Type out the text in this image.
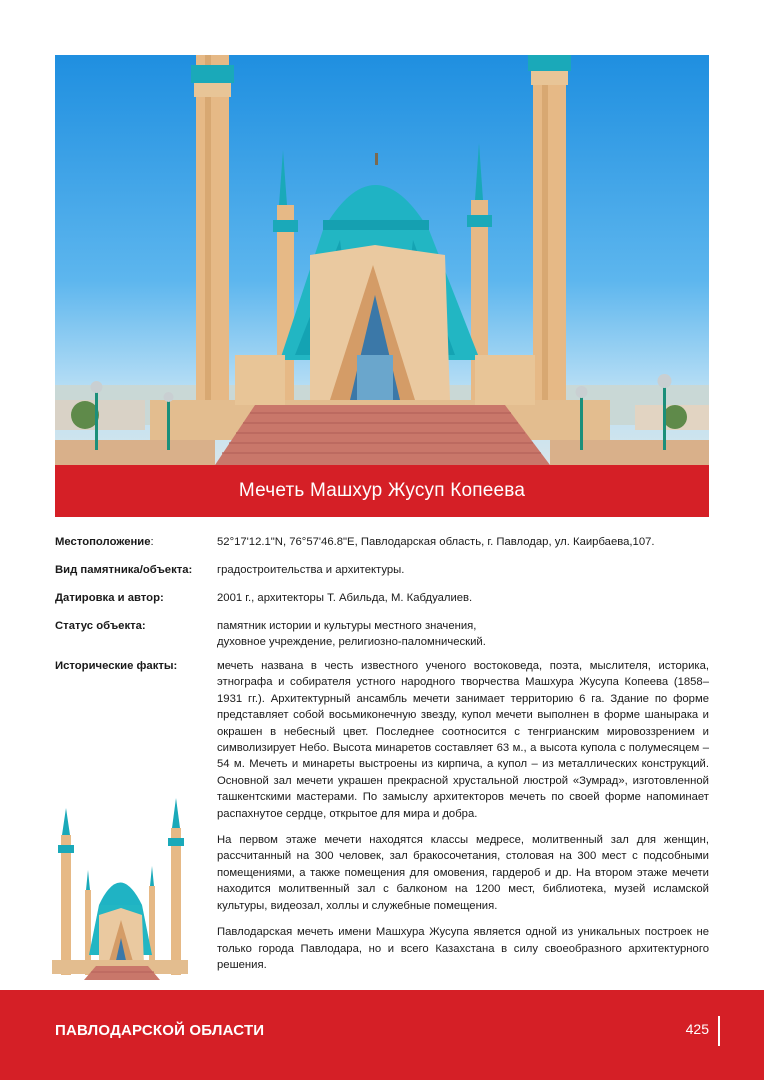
Мечеть Машхур Жусуп Копеева
Местоположение:	52°17'12.1"N, 76°57'46.8"E, Павлодарская область, г. Павлодар, ул. Каирбаева,107.
Вид памятника/объекта:	градостроительства и архитектуры.
Датировка и автор:	2001 г., архитекторы Т. Абильда, М. Кабдуалиев.
Статус объекта:	памятник истории и культуры местного значения,
духовное учреждение, религиозно-паломнический.
Исторические факты:	мечеть названа в честь известного ученого востоковеда, поэта, мыслителя, историка, этнографа и собирателя устного народного творчества Машхура Жусупа Копеева (1858–1931 гг.). Архитектурный ансамбль мечети занимает территорию 6 га. Здание по форме представляет собой восьмиконечную звезду, купол мечети выполнен в форме шаныракa и окрашен в небесный цвет. Последнее соотносится с тенгрианским мировоззрением и символизирует Небо. Высота минаретов составляет 63 м., а высота купола с полумесяцем – 54 м. Мечеть и минареты выстроены из кирпича, а купол – из металлических конструкций. Основной зал мечети украшен прекрасной хрустальной люстрой «Зумрад», изготовленной ташкентскими мастерами. По замыслу архитекторов мечеть по своей форме напоминает распахнутое сердце, открытое для мира и добра.

На первом этаже мечети находятся классы медресе, молитвенный зал для женщин, рассчитанный на 300 человек, зал бракосочетания, столовая на 300 мест с подсобными помещениями, а также помещения для омовения, гардероб и др. На втором этаже мечети находится молитвенный зал с балконом на 1200 мест, библиотека, музей исламской культуры, видеозал, холлы и служебные помещения.

Павлодарская мечеть имени Машхура Жусупа является одной из уникальных построек не только города Павлодара, но и всего Казахстана в силу своеобразного архитектурного решения.

ПАВЛОДАРСКОЙ ОБЛАСТИ	425
